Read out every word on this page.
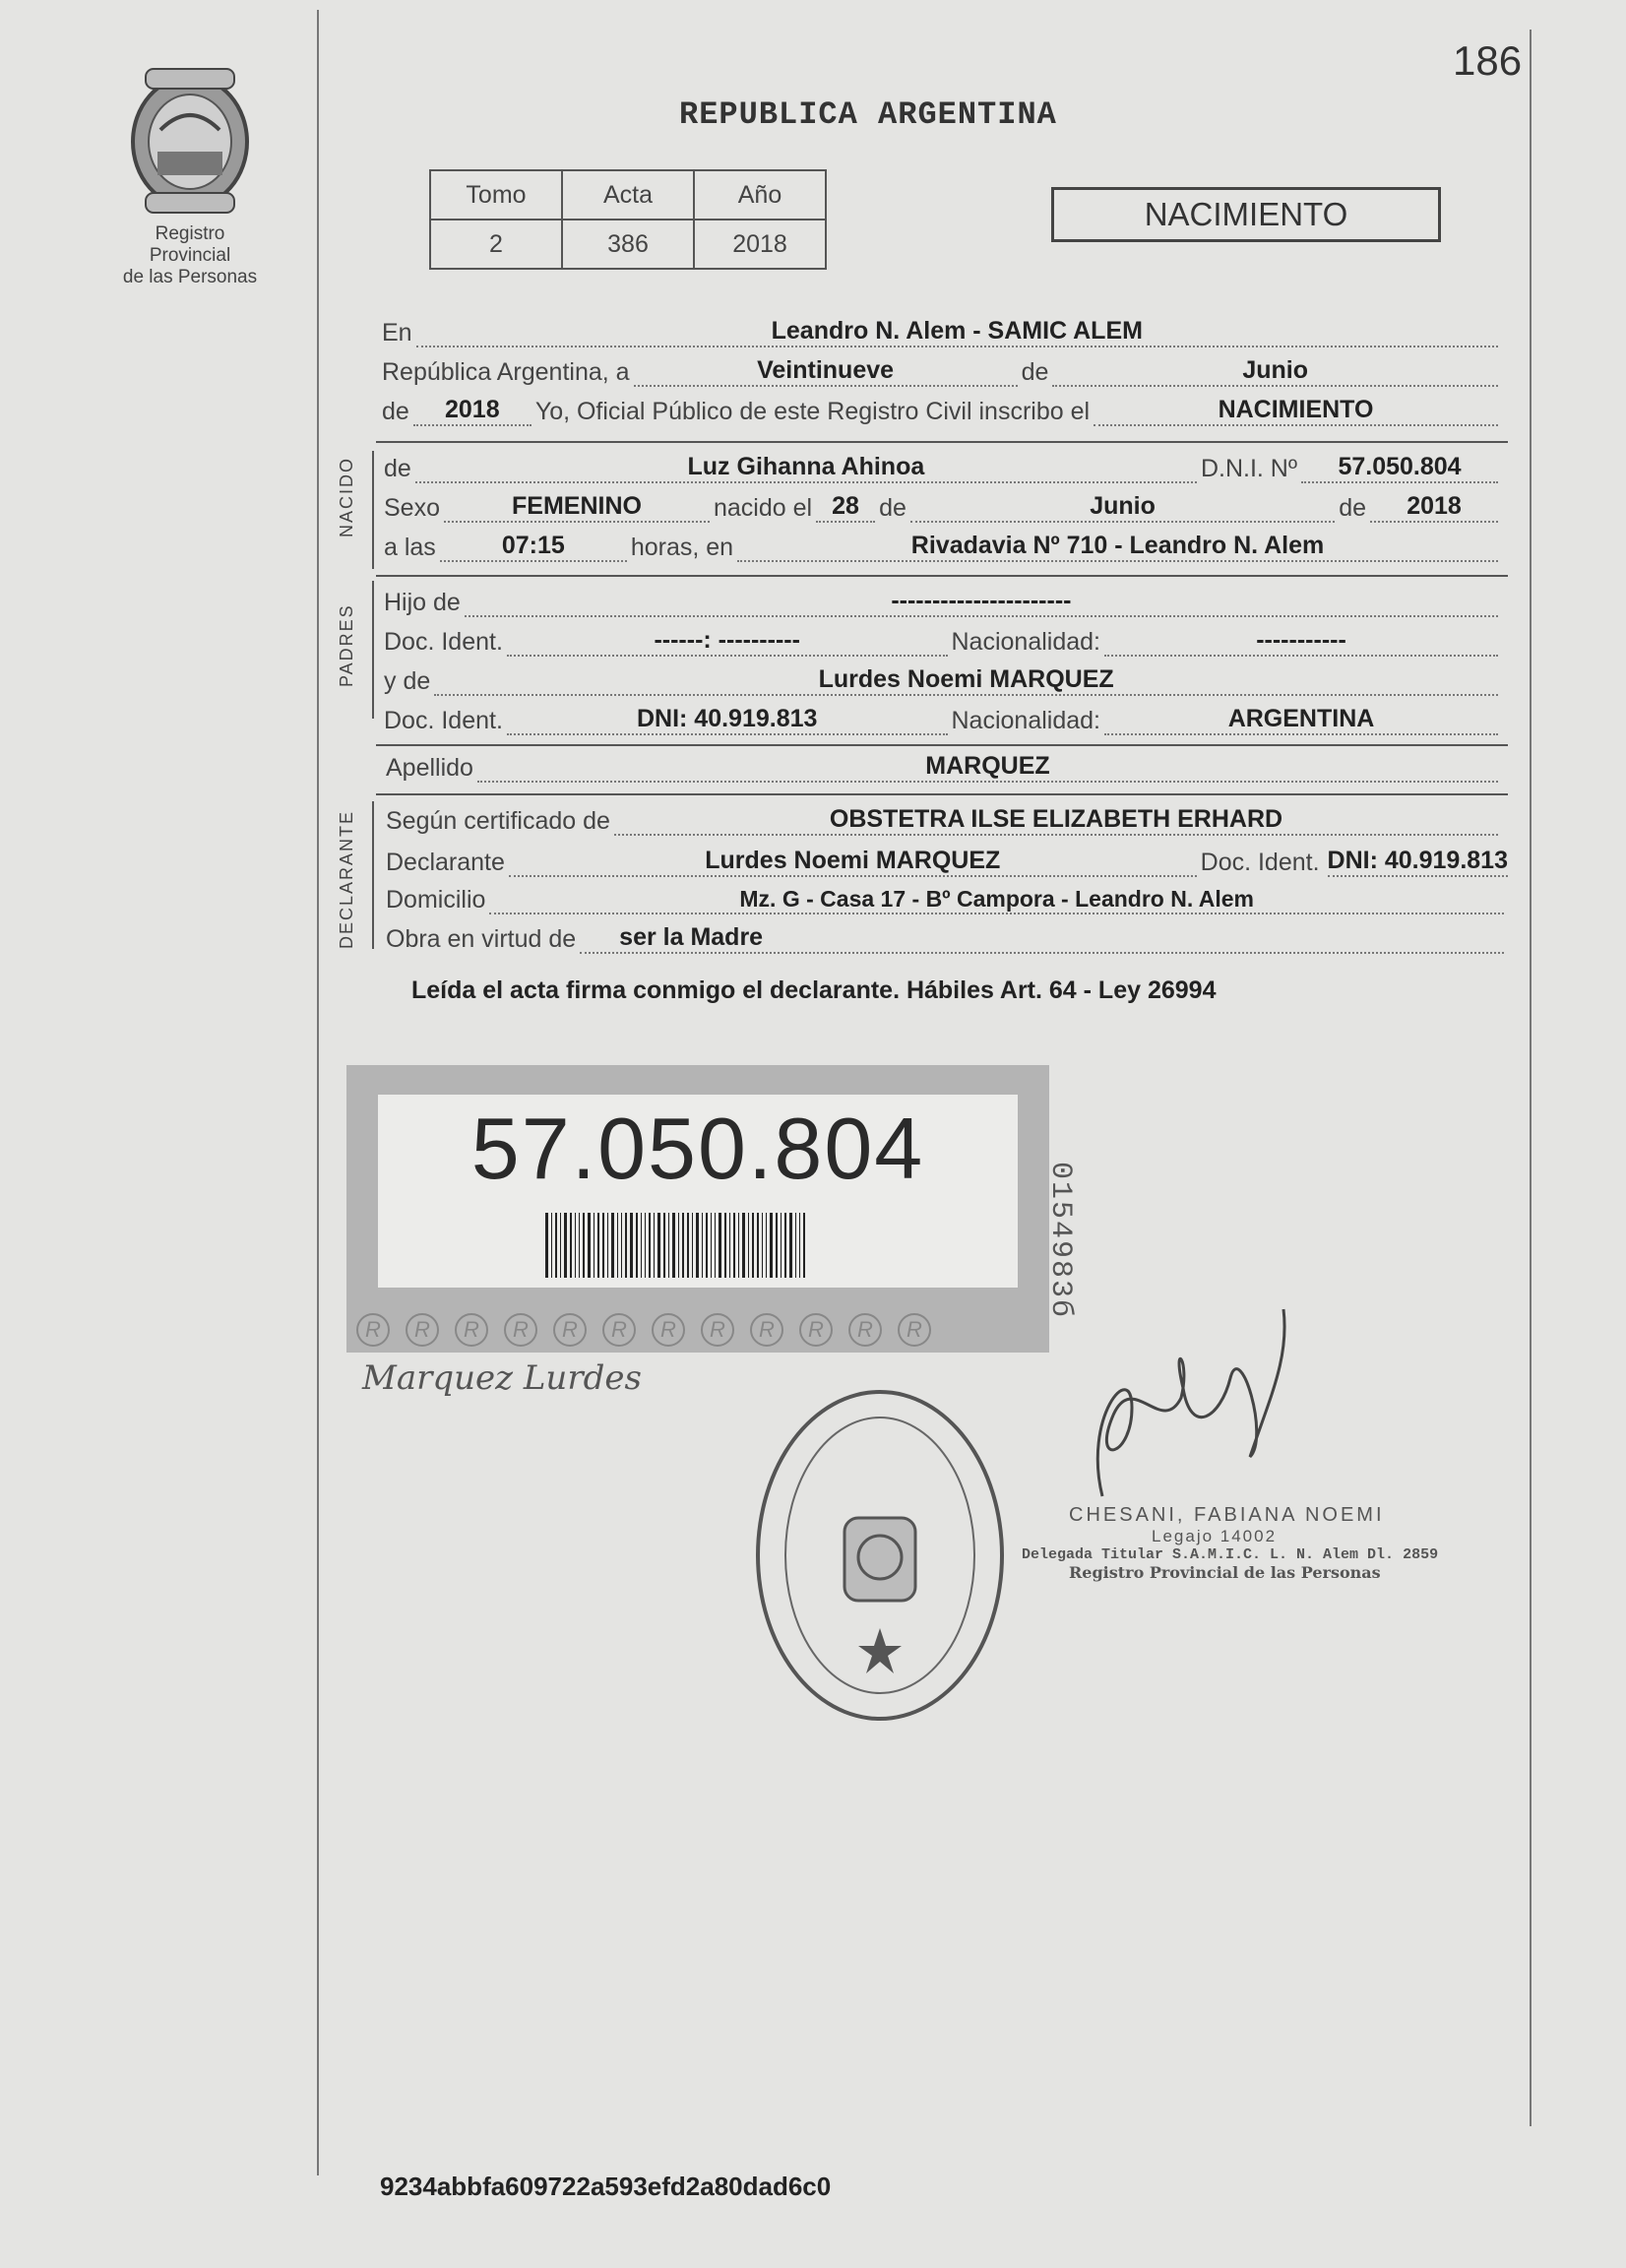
Registro Provincial
de las Personas
186
REPUBLICA ARGENTINA
Tomo	Acta	Año
2	386	2018
NACIMIENTO
En	Leandro N. Alem - SAMIC ALEM
República Argentina, a	Veintinueve	de	Junio
de 2018 Yo, Oficial Público de este Registro Civil inscribo el	NACIMIENTO
NACIDO de	Luz Gihanna Ahinoa	D.N.I. Nº 57.050.804
Sexo	FEMENINO	nacido el 28 de	Junio	de 2018
a las	07:15	horas, en	Rivadavia Nº 710 - Leandro N. Alem
PADRES
Hijo de	----------------------
Doc. Ident.	------: ----------	Nacionalidad:	-----------
y de	Lurdes Noemi MARQUEZ
Doc. Ident.	DNI: 40.919.813	Nacionalidad:	ARGENTINA
Apellido	MARQUEZ
DECLARANTE Según certificado de	OBSTETRA ILSE ELIZABETH ERHARD
Declarante	Lurdes Noemi MARQUEZ	Doc. Ident. DNI: 40.919.813
Domicilio	Mz. G - Casa 17 - Bº Campora - Leandro N. Alem
Obra en virtud de ser la Madre
Leída el acta firma conmigo el declarante. Hábiles Art. 64 - Ley 26994
57.050.804
R	R	R	R	R	R	R	R	R	R	R	R
0154983б
Marquez Lurdes
CHESANI, FABIANA NOEMI
Legajo 14002
Delegada Titular S.A.M.I.C. L. N. Alem Dl. 2859
Registro Provincial de las Personas
9234abbfa609722a593efd2a80dad6c0
